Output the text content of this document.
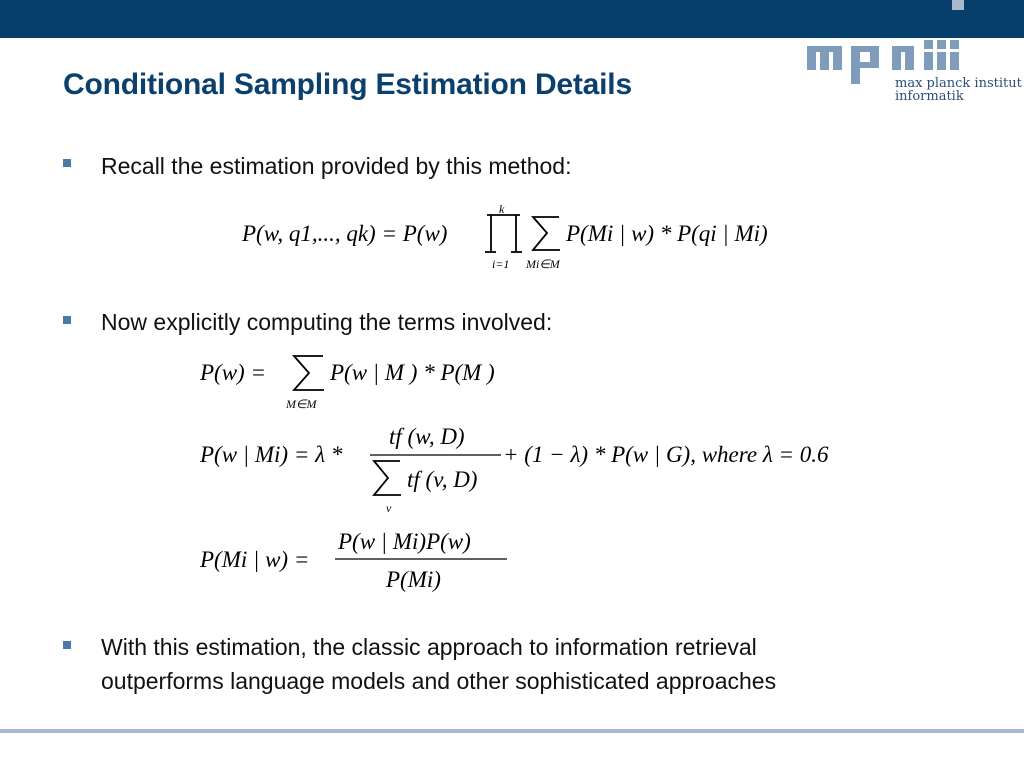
max planck institut
informatik
Conditional Sampling Estimation Details
Recall the estimation provided by this method:
P(w, q1,..., qk) = P(w)
k
i=1 Mi∈M
P(Mi | w) * P(qi | Mi)
Now explicitly computing the terms involved:
P(w) =
M∈M
P(w | M ) * P(M )
P(w | Mi) = λ *
tf (w, D)
v
tf (v, D)
+ (1 − λ) * P(w | G), where λ = 0.6
P(Mi | w) =
P(w | Mi)P(w)
P(Mi)
With this estimation, the classic approach to information retrieval
outperforms language models and other sophisticated approaches
